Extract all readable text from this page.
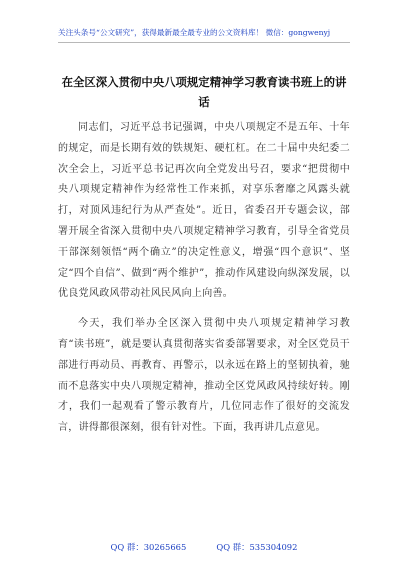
关注头条号“公文研究”，获得最新最全最专业的公文资料库！ 微信：gongwenyj
在全区深入贯彻中央八项规定精神学习教育读书班上的讲话

同志们，习近平总书记强调，中央八项规定不是五年、十年的规定，而是长期有效的铁规矩、硬杠杠。在二十届中央纪委二次全会上，习近平总书记再次向全党发出号召，要求“把贯彻中央八项规定精神作为经常性工作来抓，对享乐奢靡之风露头就打，对顶风违纪行为从严查处”。近日，省委召开专题会议，部署开展全省深入贯彻中央八项规定精神学习教育，引导全省党员干部深刻领悟“两个确立”的决定性意义，增强“四个意识”、坚定“四个自信”、做到“两个维护”，推动作风建设向纵深发展，以优良党风政风带动社风民风向上向善。

今天，我们举办全区深入贯彻中央八项规定精神学习教育“读书班”，就是要认真贯彻落实省委部署要求，对全区党员干部进行再动员、再教育、再警示，以永远在路上的坚韧执着，驰而不息落实中央八项规定精神，推动全区党风政风持续好转。刚才，我们一起观看了警示教育片，几位同志作了很好的交流发言，讲得都很深刻，很有针对性。下面，我再讲几点意见。

QQ 群：30265665	QQ 群：535304092
